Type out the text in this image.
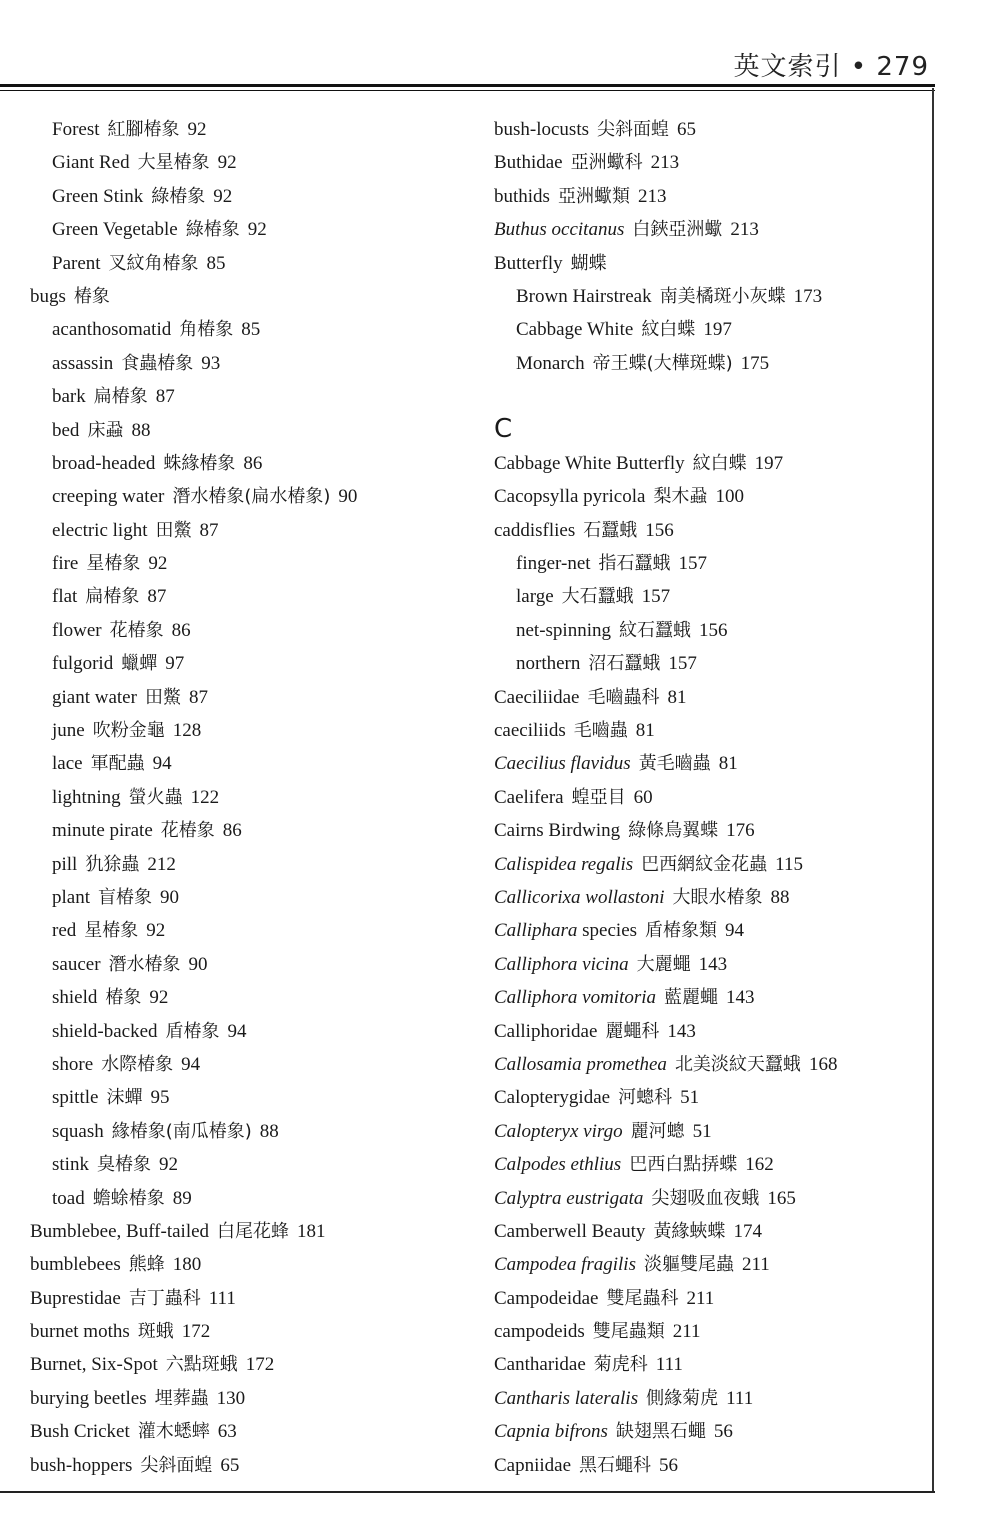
英文索引 • 279
Forest 紅腳椿象 92
Giant Red 大星椿象 92
Green Stink 綠椿象 92
Green Vegetable 綠椿象 92
Parent 叉紋角椿象 85
bugs 椿象
acanthosomatid 角椿象 85
assassin 食蟲椿象 93
bark 扁椿象 87
bed 床蝨 88
broad-headed 蛛緣椿象 86
creeping water 潛水椿象(扁水椿象) 90
electric light 田鱉 87
fire 星椿象 92
flat 扁椿象 87
flower 花椿象 86
fulgorid 蠟蟬 97
giant water 田鱉 87
june 吹粉金龜 128
lace 軍配蟲 94
lightning 螢火蟲 122
minute pirate 花椿象 86
pill 犰狳蟲 212
plant 盲椿象 90
red 星椿象 92
saucer 潛水椿象 90
shield 椿象 92
shield-backed 盾椿象 94
shore 水際椿象 94
spittle 沫蟬 95
squash 緣椿象(南瓜椿象) 88
stink 臭椿象 92
toad 蟾蜍椿象 89
Bumblebee, Buff-tailed 白尾花蜂 181
bumblebees 熊蜂 180
Buprestidae 吉丁蟲科 111
burnet moths 斑蛾 172
Burnet, Six-Spot 六點斑蛾 172
burying beetles 埋葬蟲 130
Bush Cricket 灌木蟋蟀 63
bush-hoppers 尖斜面蝗 65
bush-locusts 尖斜面蝗 65
Buthidae 亞洲蠍科 213
buthids 亞洲蠍類 213
Buthus occitanus 白鋏亞洲蠍 213
Butterfly 蝴蝶
Brown Hairstreak 南美橘斑小灰蝶 173
Cabbage White 紋白蝶 197
Monarch 帝王蝶(大樺斑蝶) 175
C
Cabbage White Butterfly 紋白蝶 197
Cacopsylla pyricola 梨木蝨 100
caddisflies 石蠶蛾 156
finger-net 指石蠶蛾 157
large 大石蠶蛾 157
net-spinning 紋石蠶蛾 156
northern 沼石蠶蛾 157
Caeciliidae 毛嚙蟲科 81
caeciliids 毛嚙蟲 81
Caecilius flavidus 黃毛嚙蟲 81
Caelifera 蝗亞目 60
Cairns Birdwing 綠條鳥翼蝶 176
Calispidea regalis 巴西網紋金花蟲 115
Callicorixa wollastoni 大眼水椿象 88
Calliphara species 盾椿象類 94
Calliphora vicina 大麗蠅 143
Calliphora vomitoria 藍麗蠅 143
Calliphoridae 麗蠅科 143
Callosamia promethea 北美淡紋天蠶蛾 168
Calopterygidae 河蟌科 51
Calopteryx virgo 麗河蟌 51
Calpodes ethlius 巴西白點挵蝶 162
Calyptra eustrigata 尖翅吸血夜蛾 165
Camberwell Beauty 黃緣蛺蝶 174
Campodea fragilis 淡軀雙尾蟲 211
Campodeidae 雙尾蟲科 211
campodeids 雙尾蟲類 211
Cantharidae 菊虎科 111
Cantharis lateralis 側緣菊虎 111
Capnia bifrons 缺翅黑石蠅 56
Capniidae 黑石蠅科 56
